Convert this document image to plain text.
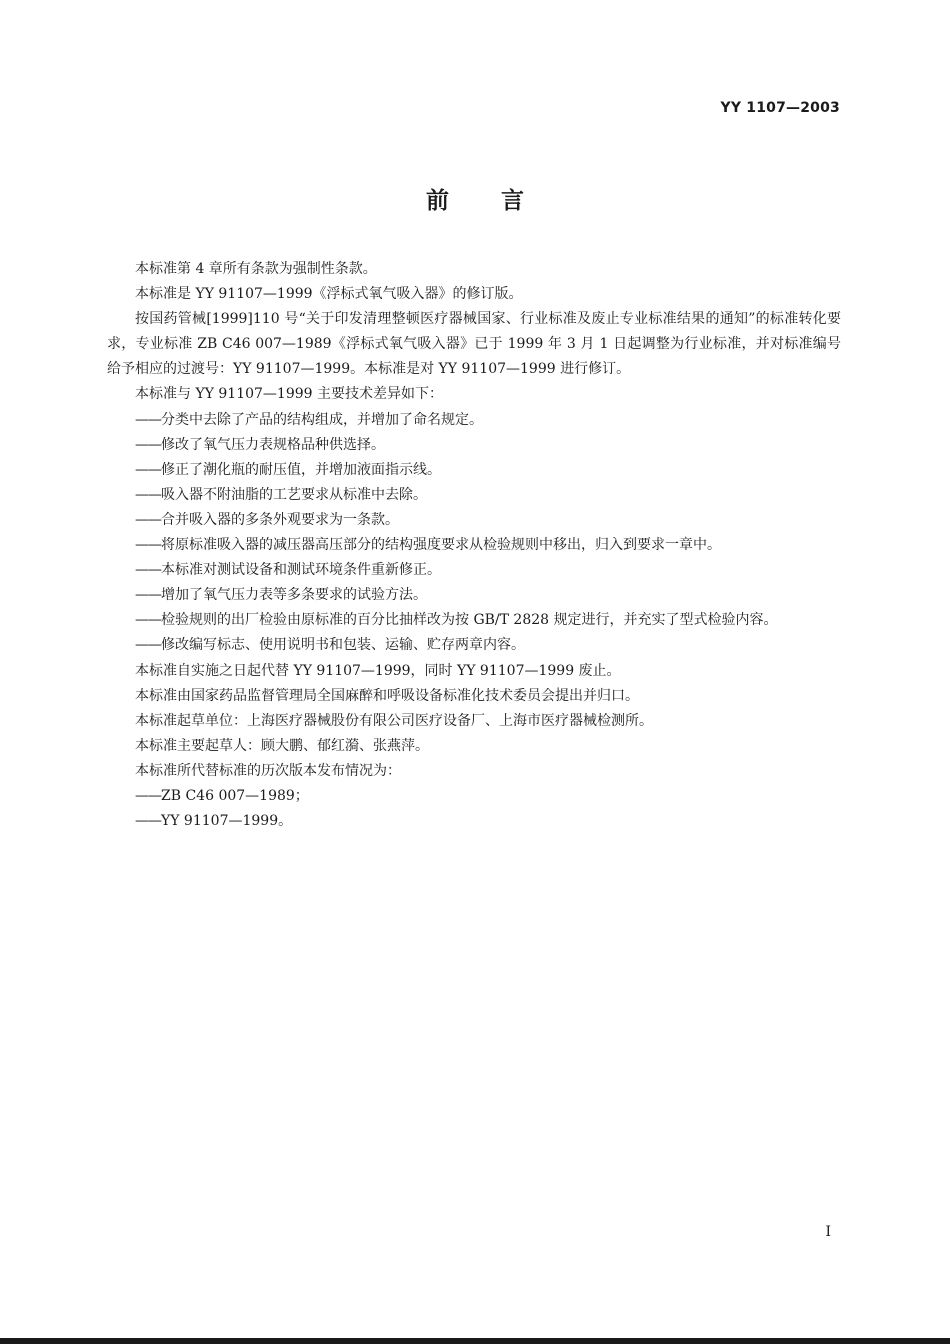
YY 1107—2003
前言

本标准第 4 章所有条款为强制性条款。

本标准是 YY 91107—1999《浮标式氧气吸入器》的修订版。

按国药管械[1999]110 号“关于印发清理整顿医疗器械国家、行业标准及废止专业标准结果的通知”的标准转化要求，专业标准 ZB C46 007—1989《浮标式氧气吸入器》已于 1999 年 3 月 1 日起调整为行业标准，并对标准编号给予相应的过渡号：YY 91107—1999。本标准是对 YY 91107—1999 进行修订。

本标准与 YY 91107—1999 主要技术差异如下：

——分类中去除了产品的结构组成，并增加了命名规定。

——修改了氧气压力表规格品种供选择。

——修正了潮化瓶的耐压值，并增加液面指示线。

——吸入器不附油脂的工艺要求从标准中去除。

——合并吸入器的多条外观要求为一条款。

——将原标准吸入器的减压器高压部分的结构强度要求从检验规则中移出，归入到要求一章中。

——本标准对测试设备和测试环境条件重新修正。

——增加了氧气压力表等多条要求的试验方法。

——检验规则的出厂检验由原标准的百分比抽样改为按 GB/T 2828 规定进行，并充实了型式检验内容。

——修改编写标志、使用说明书和包装、运输、贮存两章内容。

本标准自实施之日起代替 YY 91107—1999，同时 YY 91107—1999 废止。

本标准由国家药品监督管理局全国麻醉和呼吸设备标准化技术委员会提出并归口。

本标准起草单位：上海医疗器械股份有限公司医疗设备厂、上海市医疗器械检测所。

本标准主要起草人：顾大鹏、郁红漪、张燕萍。

本标准所代替标准的历次版本发布情况为：

——ZB C46 007—1989；

——YY 91107—1999。

I
